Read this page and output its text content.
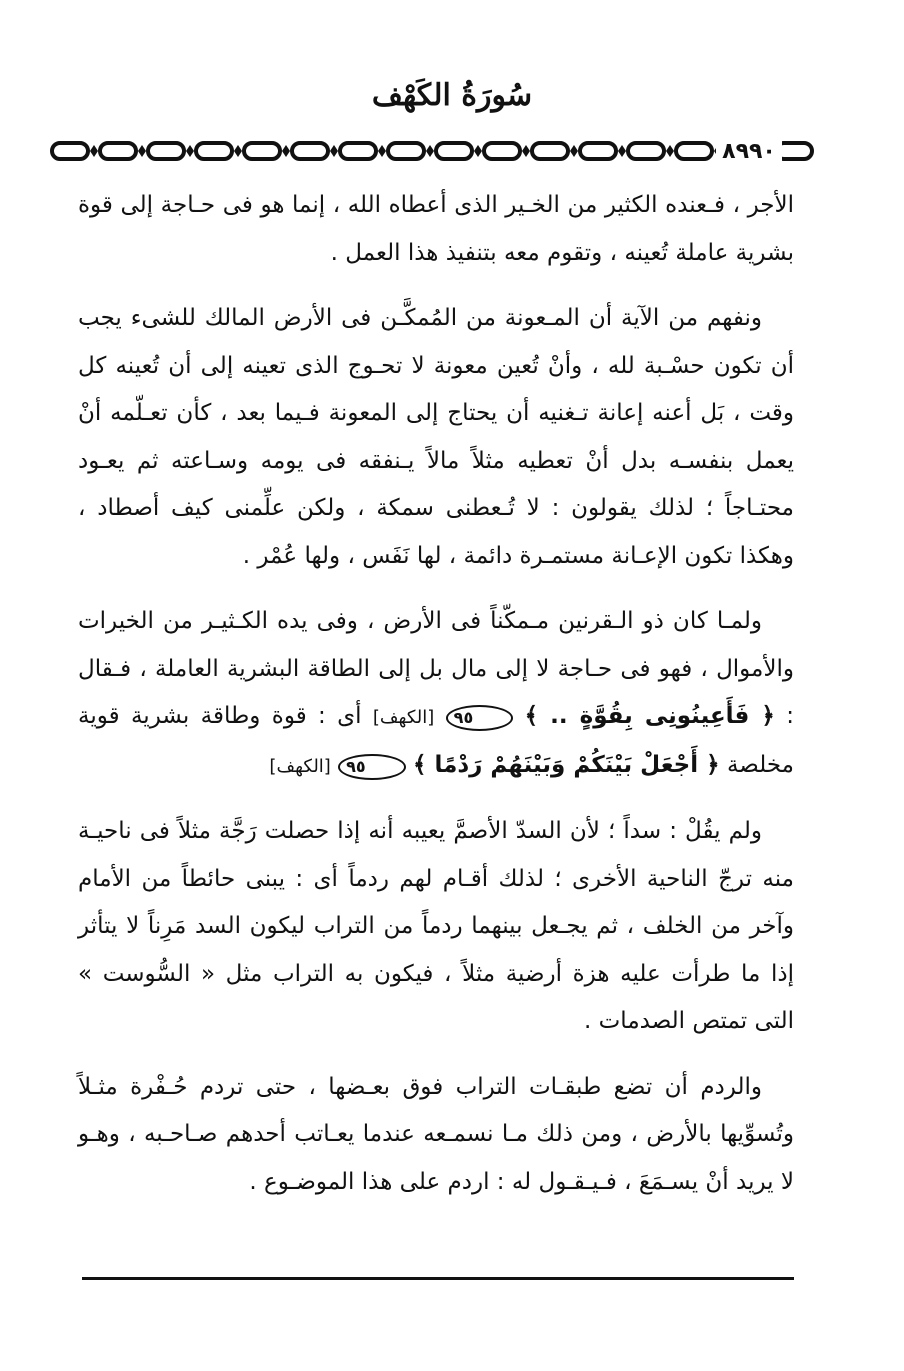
سُورَةُ الكَهْف
٨٩٩٠

الأجر ، فـعنده الكثير من الخـير الذى أعطاه الله ، إنما هو فى حـاجة إلى قوة بشرية عاملة تُعينه ، وتقوم معه بتنفيذ هذا العمل .

ونفهم من الآية أن المـعونة من المُمكَّـن فى الأرض المالك للشىء يجب أن تكون حسْـبة لله ، وأنْ تُعين معونة لا تحـوج الذى تعينه إلى أن تُعينه كل وقت ، بَل أعنه إعانة تـغنيه أن يحتاج إلى المعونة فـيما بعد ، كأن تعـلّمه أنْ يعمل بنفسـه بدل أنْ تعطيه مثلاً مالاً يـنفقه فى يومه وسـاعته ثم يعـود محتـاجاً ؛ لذلك يقولون : لا تُـعطنى سمكة ، ولكن علِّمنى كيف أصطاد ، وهكذا تكون الإعـانة مستمـرة دائمة ، لها نَفَس ، ولها عُمْر .

ولمـا كان ذو الـقرنين مـمكّناً فى الأرض ، وفى يده الكـثيـر من الخيرات والأموال ، فهو فى حـاجة لا إلى مال بل إلى الطاقة البشرية العاملة ، فـقال : ﴿ فَأَعِينُونِى بِقُوَّةٍ .. ﴾ ٩٥ [الكهف] أى : قوة وطاقة بشرية قوية مخلصة ﴿ أَجْعَلْ بَيْنَكُمْ وَبَيْنَهُمْ رَدْمًا ﴾ ٩٥ [الكهف]

ولم يقُلْ : سداً ؛ لأن السدّ الأصمَّ يعيبه أنه إذا حصلت رَجَّة مثلاً فى ناحيـة منه ترجّ الناحية الأخرى ؛ لذلك أقـام لهم ردماً أى : يبنى حائطاً من الأمام وآخر من الخلف ، ثم يجـعل بينهما ردماً من التراب ليكون السد مَرِناً لا يتأثر إذا ما طرأت عليه هزة أرضية مثلاً ، فيكون به التراب مثل « السُّوست » التى تمتص الصدمات .

والردم أن تضع طبقـات التراب فوق بعـضها ، حتى تردم حُـفْرة مثـلاً وتُسوِّيها بالأرض ، ومن ذلك مـا نسمـعه عندما يعـاتب أحدهم صـاحـبه ، وهـو لا يريد أنْ يسـمَعَ ، فـيـقـول له : اردم على هذا الموضـوع .
